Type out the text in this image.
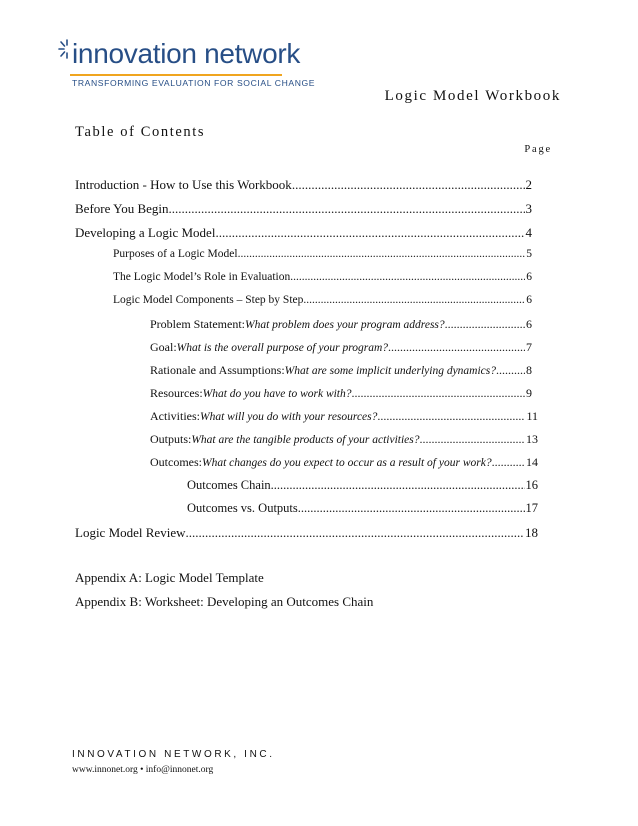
innovation network
TRANSFORMING EVALUATION FOR SOCIAL CHANGE
Logic Model Workbook
Table of Contents
Page
Introduction - How to Use this Workbook .....	2
Before You Begin .....	3
Developing a Logic Model .....	4
Purposes of a Logic Model .....	5
The Logic Model’s Role in Evaluation .....	6
Logic Model Components – Step by Step .....	6
Problem Statement: What problem does your program address? .....	6
Goal: What is the overall purpose of your program? .....	7
Rationale and Assumptions: What are some implicit underlying dynamics? ..... 8
Resources: What do you have to work with? .....	9
Activities: What will you do with your resources? .....	11
Outputs: What are the tangible products of your activities? .....	13
Outcomes: What changes do you expect to occur as a result of your work? .....	14
Outcomes Chain .....	16
Outcomes vs. Outputs .....	17
Logic Model Review .....	18
Appendix A: Logic Model Template
Appendix B: Worksheet: Developing an Outcomes Chain
INNOVATION NETWORK, INC.
www.innonet.org • info@innonet.org
